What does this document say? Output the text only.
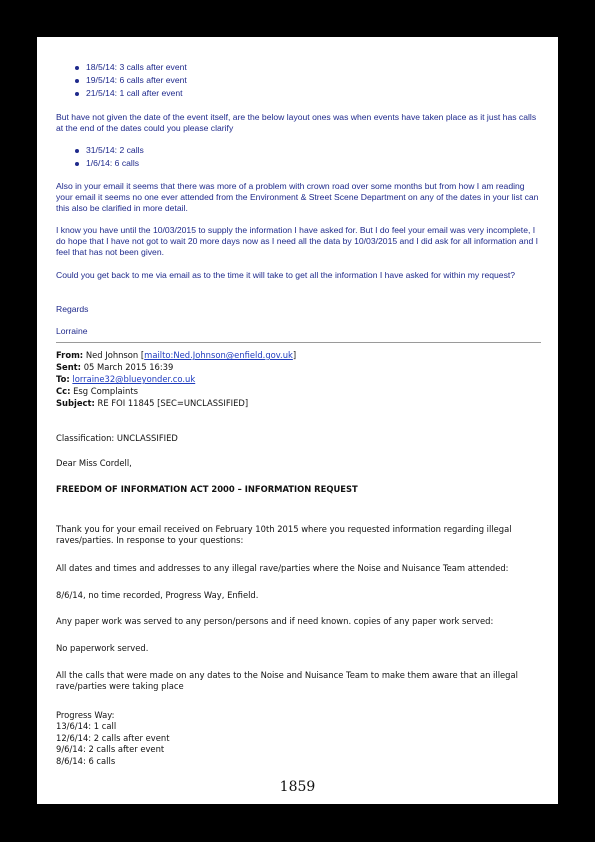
18/5/14: 3 calls after event
19/5/14: 6 calls after event
21/5/14: 1 call after event

But have not given the date of the event itself, are the below layout ones was when events have taken place as it just has calls at the end of the dates could you please clarify

31/5/14: 2 calls
1/6/14: 6 calls

Also in your email it seems that there was more of a problem with crown road over some months but from how I am reading your email it seems no one ever attended from the Environment & Street Scene Department on any of the dates in your list can this also be clarified in more detail.

I know you have until the 10/03/2015 to supply the information I have asked for. But I do feel your email was very incomplete, I do hope that I have not got to wait 20 more days now as I need all the data by 10/03/2015 and I did ask for all information and I feel that has not been given.

Could you get back to me via email as to the time it will take to get all the information I have asked for within my request?

Regards

Lorraine

From: Ned Johnson [mailto:Ned.Johnson@enfield.gov.uk]
Sent: 05 March 2015 16:39
To: lorraine32@blueyonder.co.uk
Cc: Esg Complaints
Subject: RE FOI 11845 [SEC=UNCLASSIFIED]

Classification: UNCLASSIFIED

Dear Miss Cordell,

FREEDOM OF INFORMATION ACT 2000 – INFORMATION REQUEST

Thank you for your email received on February 10th 2015 where you requested information regarding illegal raves/parties. In response to your questions:

All dates and times and addresses to any illegal rave/parties where the Noise and Nuisance Team attended:

8/6/14, no time recorded, Progress Way, Enfield.

Any paper work was served to any person/persons and if need known. copies of any paper work served:

No paperwork served.

All the calls that were made on any dates to the Noise and Nuisance Team to make them aware that an illegal rave/parties were taking place

Progress Way:
13/6/14: 1 call
12/6/14: 2 calls after event
9/6/14: 2 calls after event
8/6/14: 6 calls
1859
